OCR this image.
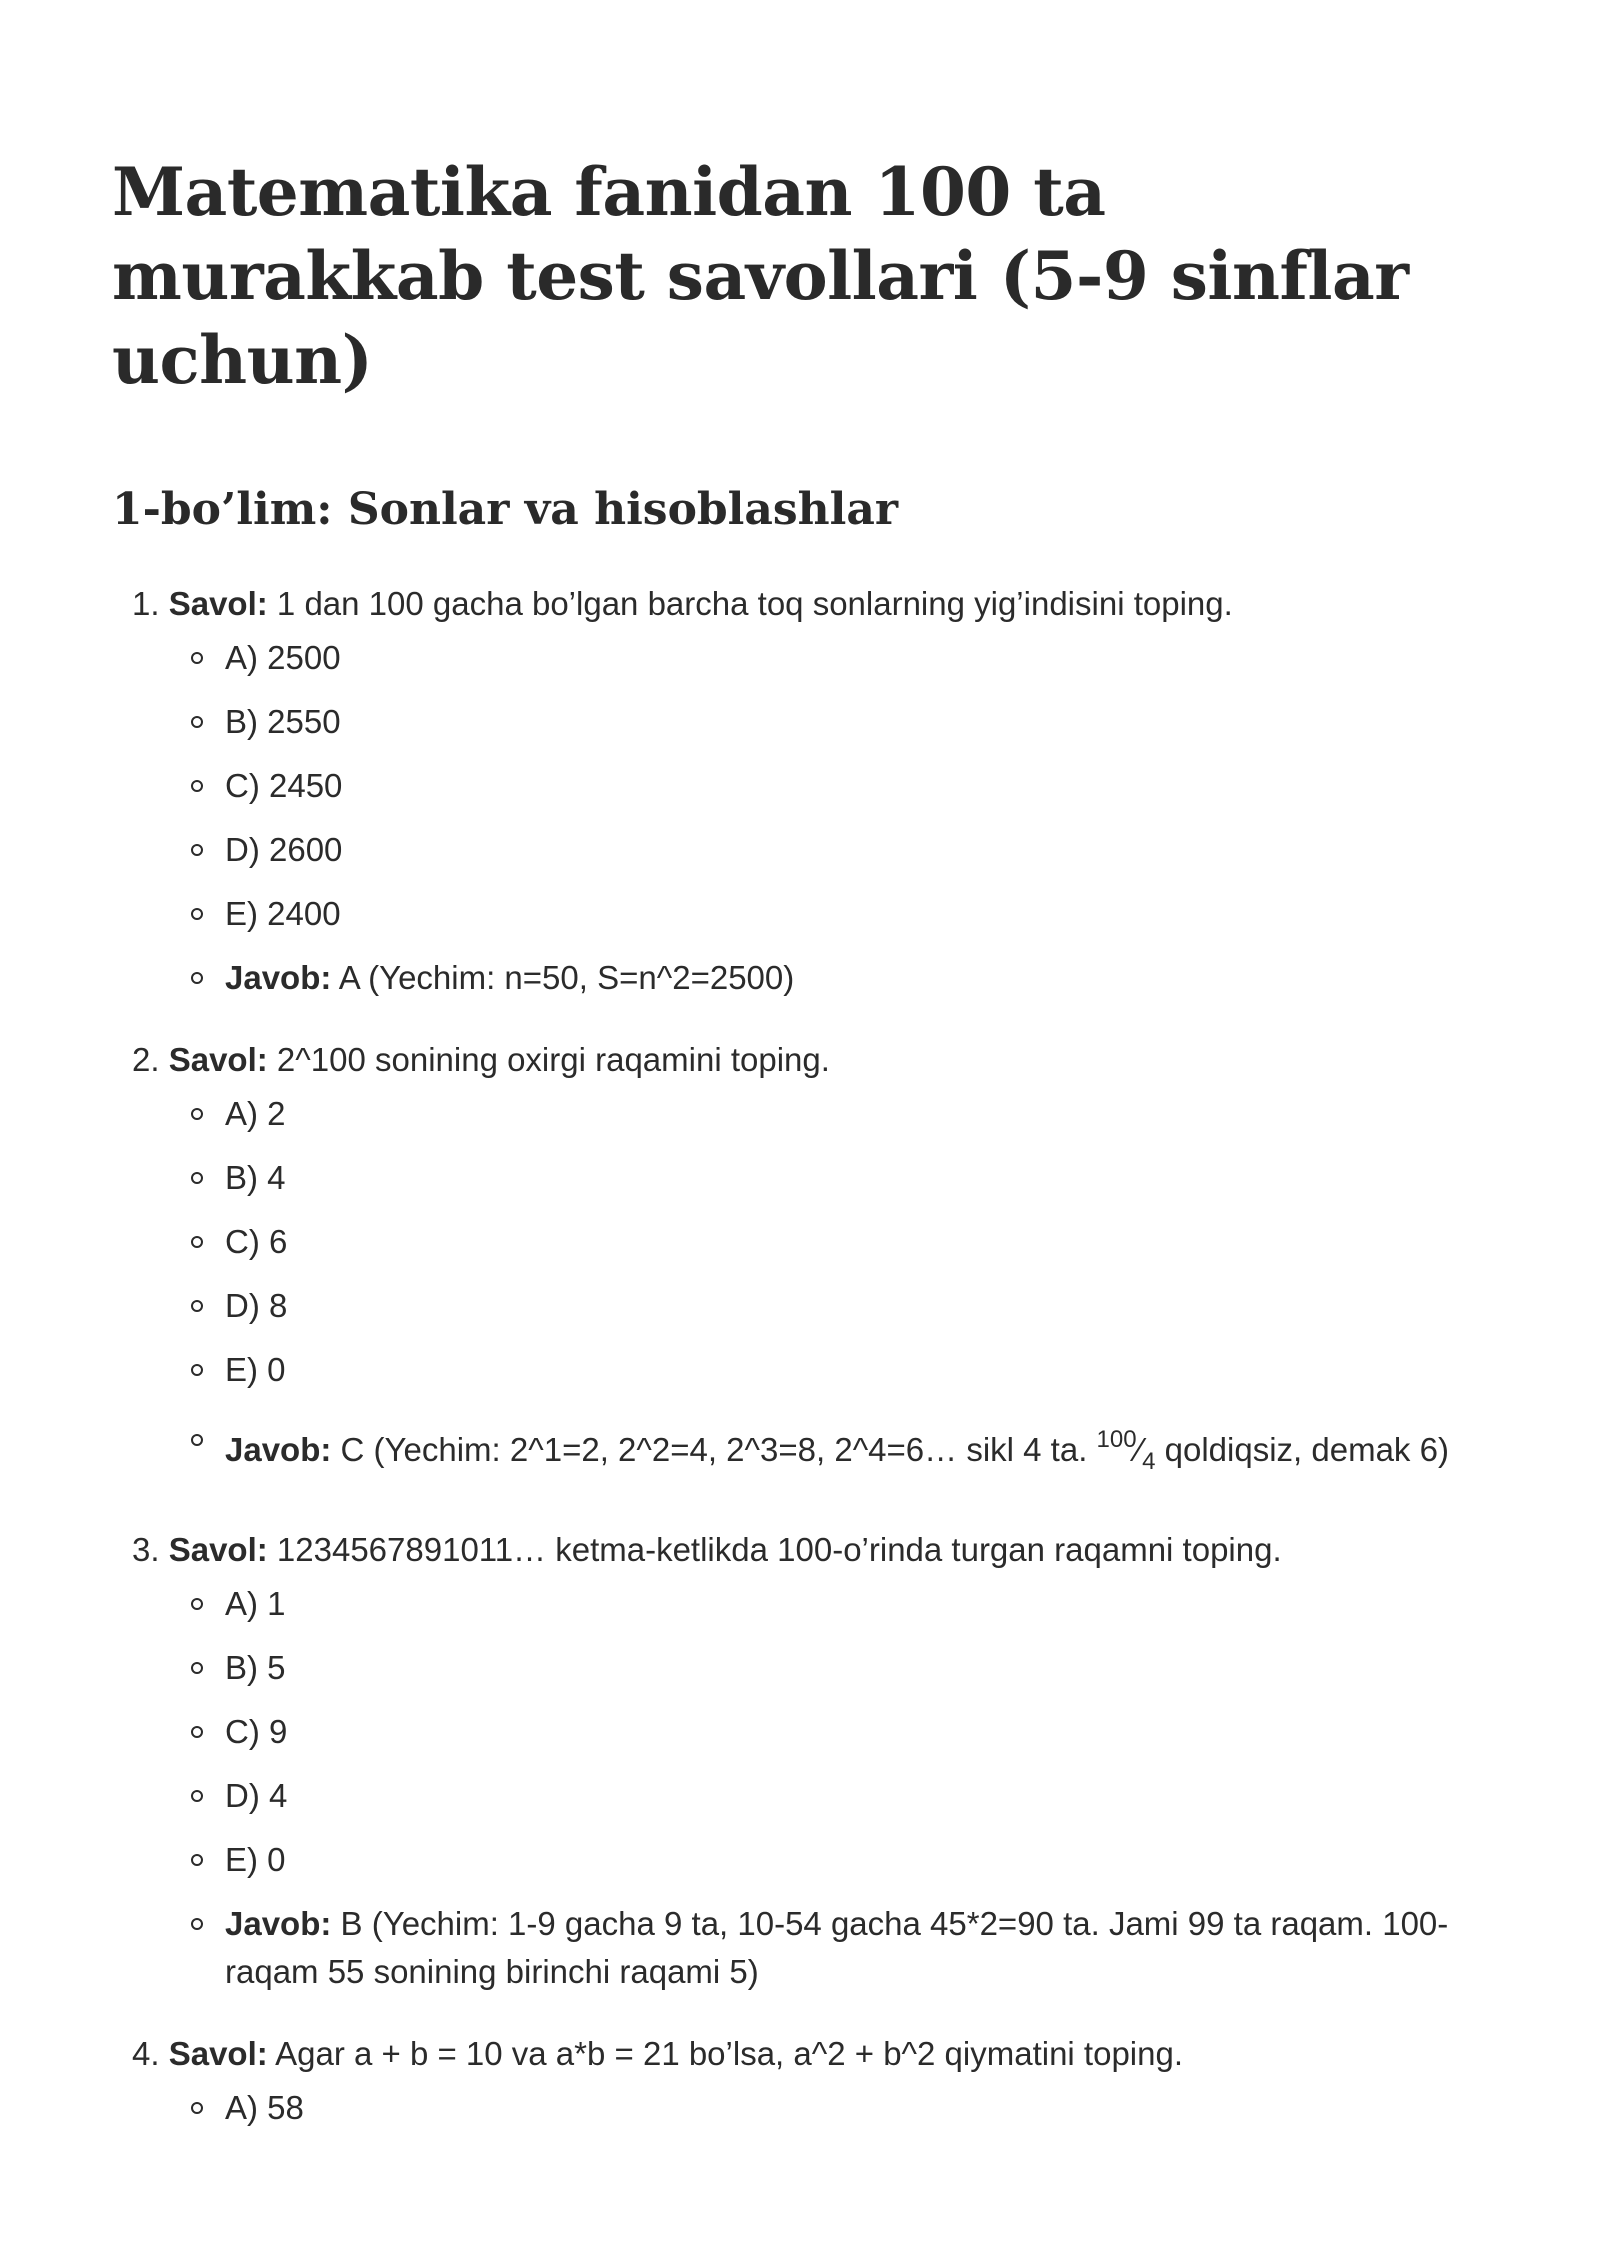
Matematika fanidan 100 ta murakkab test savollari (5-9 sinflar uchun)
1-bo’lim: Sonlar va hisoblashlar
1. Savol: 1 dan 100 gacha bo’lgan barcha toq sonlarning yig’indisini toping.
A) 2500
B) 2550
C) 2450
D) 2600
E) 2400
Javob: A (Yechim: n=50, S=n^2=2500)
2. Savol: 2^100 sonining oxirgi raqamini toping.
A) 2
B) 4
C) 6
D) 8
E) 0
Javob: C (Yechim: 2^1=2, 2^2=4, 2^3=8, 2^4=6… sikl 4 ta. $^{100}⁄_4$ qoldiqsiz, demak 6)
3. Savol: 1234567891011… ketma-ketlikda 100-o’rinda turgan raqamni toping.
A) 1
B) 5
C) 9
D) 4
E) 0
Javob: B (Yechim: 1-9 gacha 9 ta, 10-54 gacha 45*2=90 ta. Jami 99 ta raqam. 100-raqam 55 sonining birinchi raqami 5)
4. Savol: Agar a + b = 10 va a*b = 21 bo’lsa, a^2 + b^2 qiymatini toping.
A) 58
